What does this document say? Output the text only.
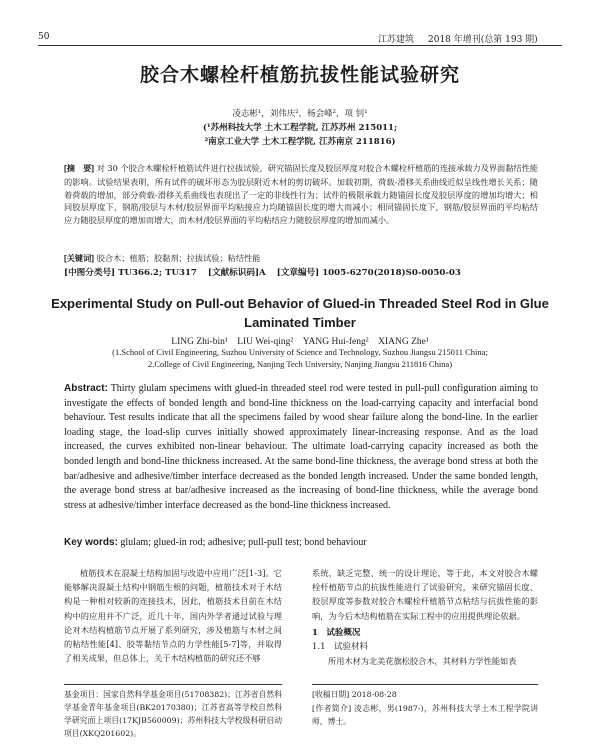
50	江苏建筑 2018 年增刊(总第 193 期)
胶合木螺栓杆植筋抗拔性能试验研究
凌志彬¹，刘伟庆²，杨会峰²，项 钊¹
(¹苏州科技大学 土木工程学院, 江苏苏州 215011;
²南京工业大学 土木工程学院, 江苏南京 211816)
[摘　要] 对 30 个胶合木螺栓杆植筋试件进行拉拔试验，研究锚固长度及胶层厚度对胶合木螺栓杆植筋的连接承载力及界面黏结性能的影响。试验结果表明，所有试件的破坏形态为胶层附近木材的剪切破坏。加载初期，荷载-滑移关系曲线近似呈线性增长关系；随着荷载的增加，部分荷载-滑移关系曲线也表现出了一定的非线性行为；试件的极限承载力随锚固长度及胶层厚度的增加均增大；相同胶层厚度下，钢筋/胶层与木材/胶层界面平均粘接应力均随锚固长度的增大而减小；相同锚固长度下，钢筋/胶层界面的平均粘结应力随胶层厚度的增加而增大，而木材/胶层界面的平均粘结应力随胶层厚度的增加而减小。
[关键词] 胶合木；植筋；胶黏剂；拉拔试验；粘结性能
[中图分类号] TU366.2; TU317 [文献标识码]A [文章编号] 1005-6270(2018)S0-0050-03
Experimental Study on Pull-out Behavior of Glued-in Threaded Steel Rod in Glue Laminated Timber
LING Zhi-bin¹　LIU Wei-qing²　YANG Hui-feng²　XIANG Zhe¹
(1.School of Civil Engineering, Suzhou University of Science and Technology, Suzhou Jiangsu 215011 China;
2.College of Civil Engineering, Nanjing Tech University, Nanjing Jiangsu 211816 China)
Abstract: Thirty glulam specimens with glued-in threaded steel rod were tested in pull-pull configuration aiming to investigate the effects of bonded length and bond-line thickness on the load-carrying capacity and interfacial bond behaviour. Test results indicate that all the specimens failed by wood shear failure along the bond-line. In the earlier loading stage, the load-slip curves initially showed approximately linear-increasing response. And as the load increased, the curves exhibited non-linear behaviour. The ultimate load-carrying capacity increased as both the bonded length and bond-line thickness increased. At the same bond-line thickness, the average bond stress at both the bar/adhesive and adhesive/timber interface decreased as the bonded length increased. Under the same bonded length, the average bond stress at bar/adhesive increased as the increasing of bond-line thickness, while the average bond stress at adhesive/timber interface decreased as the bond-line thickness increased.
Key words: glulam; glued-in rod; adhesive; pull-pull test; bond behaviour
植筋技术在混凝土结构加固与改造中应用广泛[1-3]。它能够解决混凝土结构中钢筋生根的问题，植筋技术对于木结构是一种相对较新的连接技术，因此，植筋技术目前在木结构中的应用并不广泛，近几十年，国内外学者通过试验与理论对木结构植筋节点开展了系列研究，涉及植筋与木材之间的粘结性能[4]、胶等黏结节点的力学性能[5-7]等，并取得了相关成果，但总体上，关于木结构植筋的研究还不够
系统，缺乏完整、统一的设计理论，等于此，本文对胶合木螺栓杆植筋节点的抗拔性能进行了试验研究，来研究锚固长度、胶层厚度等参数对胶合木螺栓杆植筋节点粘结与抗拔性能的影响，为今后木结构植筋在实际工程中的应用提供理论依据。
1　试验概况
1.1　试验材料
所用木材为北美花旗松胶合木，其材料力学性能如表
基金项目：国家自然科学基金项目(51708382)；江苏省自然科学基金青年基金项目(BK20170380)；江苏省高等学校自然科学研究面上项目(17KJB560009)；苏州科技大学校级科研启动项目(XKQ201602)。
[收稿日期] 2018-08-28
[作者简介] 凌志彬，男(1987-)，苏州科技大学土木工程学院讲师，博士。
